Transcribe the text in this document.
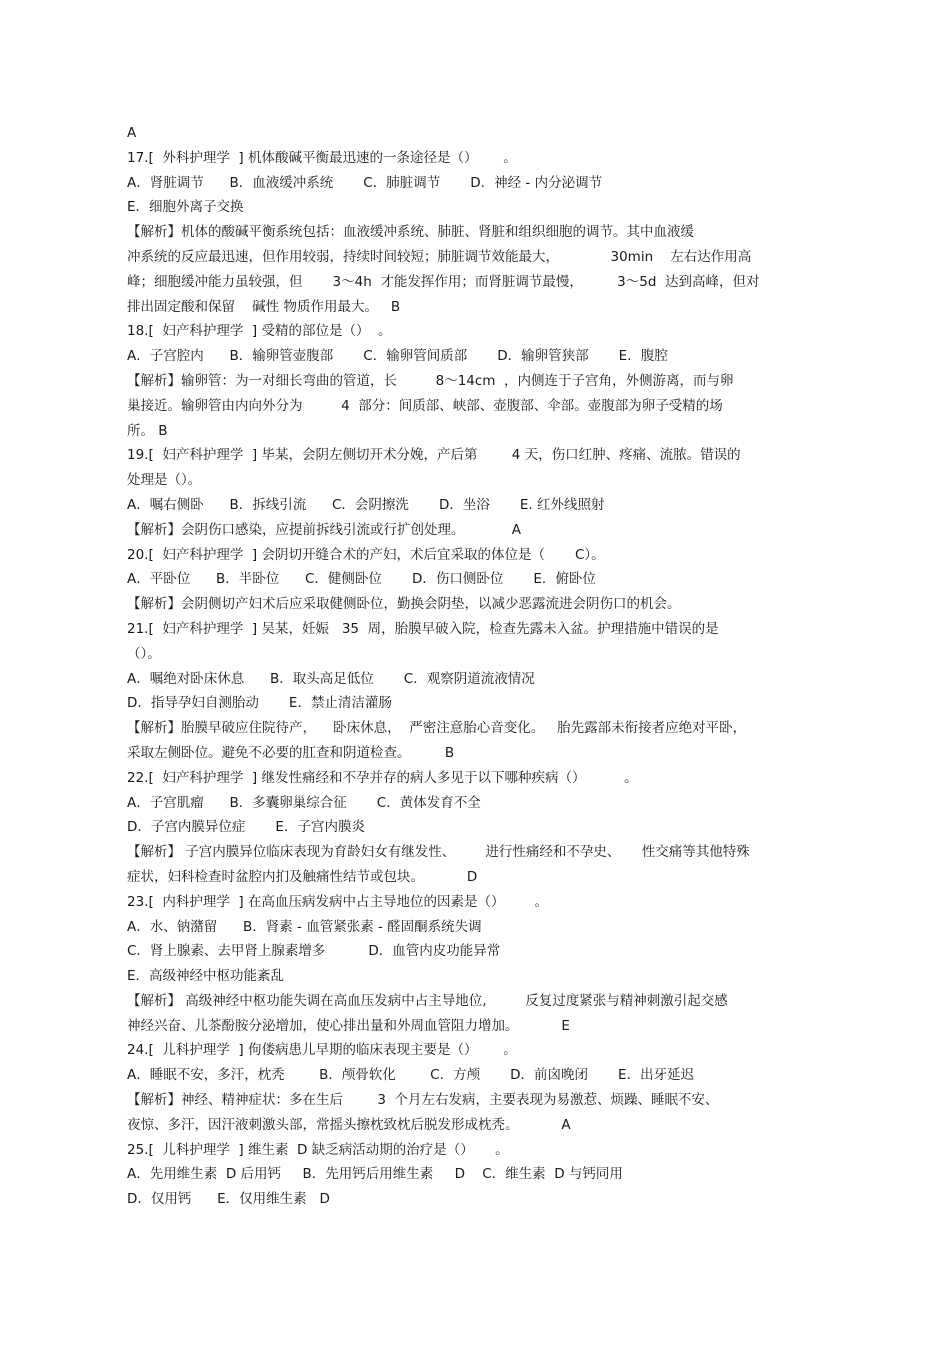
A
17.[  外科护理学  ] 机体酸碱平衡最迅速的一条途径是（）      。
A．肾脏调节      B．血液缓冲系统       C．肺脏调节       D．神经 - 内分泌调节
E．细胞外离子交换
【解析】机体的酸碱平衡系统包括：血液缓冲系统、肺脏、肾脏和组织细胞的调节。其中血液缓
冲系统的反应最迅速，但作用较弱，持续时间较短；肺脏调节效能最大，            30min    左右达作用高
峰；细胞缓冲能力虽较强，但       3～4h  才能发挥作用；而肾脏调节最慢，        3～5d  达到高峰，但对
排出固定酸和保留    碱性 物质作用最大。   B
18.[  妇产科护理学  ] 受精的部位是（）  。
A．子宫腔内      B．输卵管壶腹部       C．输卵管间质部       D．输卵管狭部       E．腹腔
【解析】输卵管：为一对细长弯曲的管道，长         8～14cm  ，内侧连于子宫角，外侧游离，而与卵
巢接近。输卵管由内向外分为         4  部分：间质部、峡部、壶腹部、伞部。壶腹部为卵子受精的场
所。 B
19.[  妇产科护理学  ] 毕某，会阴左侧切开术分娩，产后第        4 天，伤口红肿、疼痛、流脓。错误的
处理是（）。
A．嘱右侧卧      B．拆线引流      C．会阴擦洗       D．坐浴       E. 红外线照射
【解析】会阴伤口感染，应提前拆线引流或行扩创处理。           A
20.[  妇产科护理学  ] 会阴切开缝合术的产妇，术后宜采取的体位是（       C）。
A．平卧位      B．半卧位      C．健侧卧位       D．伤口侧卧位       E．俯卧位
【解析】会阴侧切产妇术后应采取健侧卧位，勤换会阴垫，以减少恶露流进会阴伤口的机会。
21.[  妇产科护理学  ] 吴某，妊娠   35  周，胎膜早破入院，检查先露未入盆。护理措施中错误的是
（）。
A．嘱绝对卧床休息      B．取头高足低位       C．观察阴道流液情况
D．指导孕妇自测胎动       E．禁止清洁灌肠
【解析】胎膜早破应住院待产，    卧床休息，  严密注意胎心音变化。   胎先露部未衔接者应绝对平卧，
采取左侧卧位。避免不必要的肛查和阴道检查。        B
22.[  妇产科护理学  ] 继发性痛经和不孕并存的病人多见于以下哪种疾病（）         。
A．子宫肌瘤      B．多囊卵巢综合征       C．黄体发育不全
D．子宫内膜异位症       E．子宫内膜炎
【解析】 子宫内膜异位临床表现为育龄妇女有继发性、       进行性痛经和不孕史、     性交痛等其他特殊
症状，妇科检查时盆腔内扪及触痛性结节或包块。          D
23.[  内科护理学  ] 在高血压病发病中占主导地位的因素是（）       。
A．水、钠潴留      B．肾素 - 血管紧张素 - 醛固酮系统失调
C．肾上腺素、去甲肾上腺素增多          D．血管内皮功能异常
E．高级神经中枢功能紊乱
【解析】 高级神经中枢功能失调在高血压发病中占主导地位,         反复过度紧张与精神刺激引起交感
神经兴奋、儿茶酚胺分泌增加，使心排出量和外周血管阻力增加。          E
24.[  儿科护理学  ] 佝偻病患儿早期的临床表现主要是（）      。
A．睡眠不安，多汗，枕秃        B．颅骨软化        C．方颅       D．前囟晚闭       E．出牙延迟
【解析】神经、精神症状：多在生后        3  个月左右发病，主要表现为易激惹、烦躁、睡眠不安、
夜惊、多汗，因汗液刺激头部，常摇头擦枕致枕后脱发形成枕秃。          A
25.[  儿科护理学  ] 维生素  D 缺乏病活动期的治疗是（）     。
A．先用维生素  D 后用钙     B．先用钙后用维生素     D    C．维生素  D 与钙同用
D．仅用钙      E．仅用维生素   D
